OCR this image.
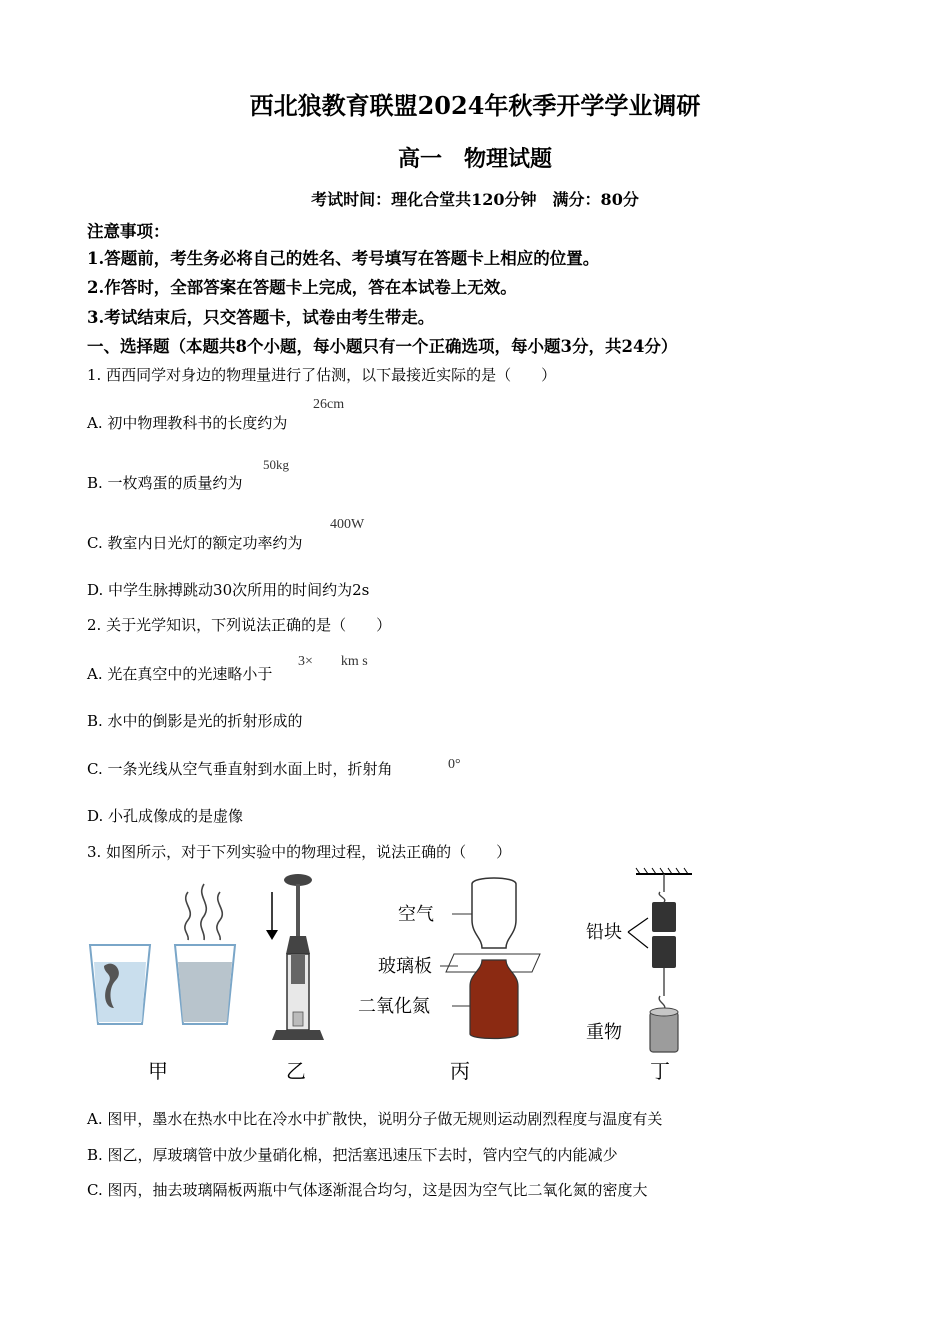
西北狼教育联盟2024年秋季开学学业调研
高一　物理试题
考试时间：理化合堂共120分钟　满分：80分
注意事项：
1.答题前，考生务必将自己的姓名、考号填写在答题卡上相应的位置。
2.作答时，全部答案在答题卡上完成，答在本试卷上无效。
3.考试结束后，只交答题卡，试卷由考生带走。
一、选择题（本题共8个小题，每小题只有一个正确选项，每小题3分，共24分）
1. 西西同学对身边的物理量进行了估测，以下最接近实际的是（　　）
A. 初中物理教科书的长度约为
26cm
B. 一枚鸡蛋的质量约为
50kg
C. 教室内日光灯的额定功率约为
400W
D. 中学生脉搏跳动30次所用的时间约为2s
2. 关于光学知识，下列说法正确的是（　　）
A. 光在真空中的光速略小于
3×　　km s
B. 水中的倒影是光的折射形成的
C. 一条光线从空气垂直射到水面上时，折射角	0°
D. 小孔成像成的是虚像
3. 如图所示，对于下列实验中的物理过程，说法正确的（　　）
甲	乙
空气
玻璃板
二氧化氮
丙
铅块
重物
丁
A. 图甲，墨水在热水中比在冷水中扩散快，说明分子做无规则运动剧烈程度与温度有关
B. 图乙，厚玻璃管中放少量硝化棉，把活塞迅速压下去时，管内空气的内能减少
C. 图丙，抽去玻璃隔板两瓶中气体逐渐混合均匀，这是因为空气比二氧化氮的密度大
